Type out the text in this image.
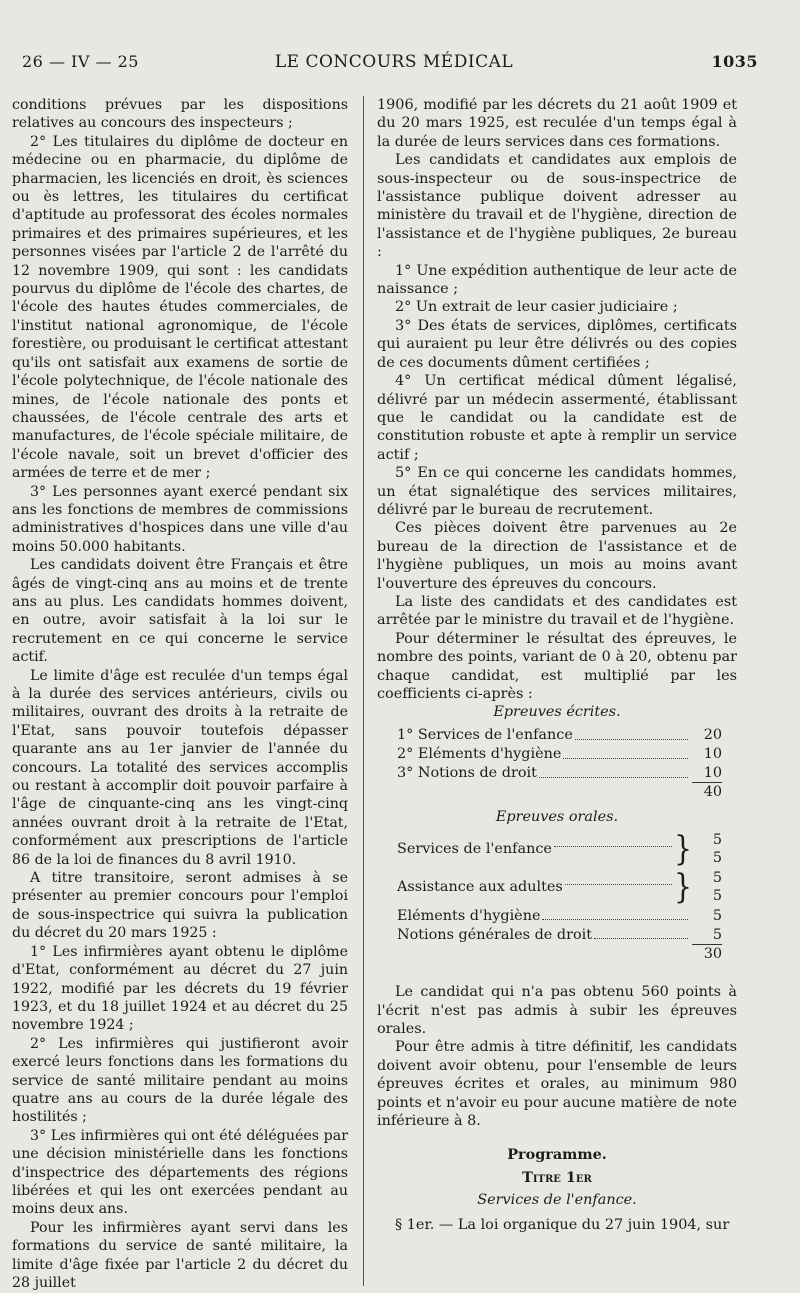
26 — IV — 25	LE CONCOURS MÉDICAL	1035

conditions prévues par les dispositions relatives au concours des inspecteurs ;

2° Les titulaires du diplôme de docteur en médecine ou en pharmacie, du diplôme de pharmacien, les licenciés en droit, ès sciences ou ès lettres, les titulaires du certificat d'aptitude au professorat des écoles normales primaires et des primaires supérieures, et les personnes visées par l'article 2 de l'arrêté du 12 novembre 1909, qui sont : les candidats pourvus du diplôme de l'école des chartes, de l'école des hautes études commerciales, de l'institut national agronomique, de l'école forestière, ou produisant le certificat attestant qu'ils ont satisfait aux examens de sortie de l'école polytechnique, de l'école nationale des mines, de l'école nationale des ponts et chaussées, de l'école centrale des arts et manufactures, de l'école spéciale militaire, de l'école navale, soit un brevet d'officier des armées de terre et de mer ;

3° Les personnes ayant exercé pendant six ans les fonctions de membres de commissions administratives d'hospices dans une ville d'au moins 50.000 habitants.

Les candidats doivent être Français et être âgés de vingt-cinq ans au moins et de trente ans au plus. Les candidats hommes doivent, en outre, avoir satisfait à la loi sur le recrutement en ce qui concerne le service actif.

Le limite d'âge est reculée d'un temps égal à la durée des services antérieurs, civils ou militaires, ouvrant des droits à la retraite de l'Etat, sans pouvoir toutefois dépasser quarante ans au 1er janvier de l'année du concours. La totalité des services accomplis ou restant à accomplir doit pouvoir parfaire à l'âge de cinquante-cinq ans les vingt-cinq années ouvrant droit à la retraite de l'Etat, conformément aux prescriptions de l'article 86 de la loi de finances du 8 avril 1910.

A titre transitoire, seront admises à se présenter au premier concours pour l'emploi de sous-inspectrice qui suivra la publication du décret du 20 mars 1925 :

1° Les infirmières ayant obtenu le diplôme d'Etat, conformément au décret du 27 juin 1922, modifié par les décrets du 19 février 1923, et du 18 juillet 1924 et au décret du 25 novembre 1924 ;

2° Les infirmières qui justifieront avoir exercé leurs fonctions dans les formations du service de santé militaire pendant au moins quatre ans au cours de la durée légale des hostilités ;

3° Les infirmières qui ont été déléguées par une décision ministérielle dans les fonctions d'inspectrice des départements des régions libérées et qui les ont exercées pendant au moins deux ans.

Pour les infirmières ayant servi dans les formations du service de santé militaire, la limite d'âge fixée par l'article 2 du décret du 28 juillet

1906, modifié par les décrets du 21 août 1909 et du 20 mars 1925, est reculée d'un temps égal à la durée de leurs services dans ces formations.

Les candidats et candidates aux emplois de sous-inspecteur ou de sous-inspectrice de l'assistance publique doivent adresser au ministère du travail et de l'hygiène, direction de l'assistance et de l'hygiène publiques, 2e bureau :

1° Une expédition authentique de leur acte de naissance ;

2° Un extrait de leur casier judiciaire ;

3° Des états de services, diplômes, certificats qui auraient pu leur être délivrés ou des copies de ces documents dûment certifiées ;

4° Un certificat médical dûment légalisé, délivré par un médecin assermenté, établissant que le candidat ou la candidate est de constitution robuste et apte à remplir un service actif ;

5° En ce qui concerne les candidats hommes, un état signalétique des services militaires, délivré par le bureau de recrutement.

Ces pièces doivent être parvenues au 2e bureau de la direction de l'assistance et de l'hygiène publiques, un mois au moins avant l'ouverture des épreuves du concours.

La liste des candidats et des candidates est arrêtée par le ministre du travail et de l'hygiène.

Pour déterminer le résultat des épreuves, le nombre des points, variant de 0 à 20, obtenu par chaque candidat, est multiplié par les coefficients ci-après :

Epreuves écrites.

1° Services de l'enfance	20
2° Eléments d'hygiène	10
3° Notions de droit	10
40

Epreuves orales.

Services de l'enfance	}	5
5
Assistance aux adultes	}	5
5
Eléments d'hygiène	5
Notions générales de droit	5
30

Le candidat qui n'a pas obtenu 560 points à l'écrit n'est pas admis à subir les épreuves orales.

Pour être admis à titre définitif, les candidats doivent avoir obtenu, pour l'ensemble de leurs épreuves écrites et orales, au minimum 980 points et n'avoir eu pour aucune matière de note inférieure à 8.

Programme.

Titre 1er

Services de l'enfance.

§ 1er. — La loi organique du 27 juin 1904, sur
